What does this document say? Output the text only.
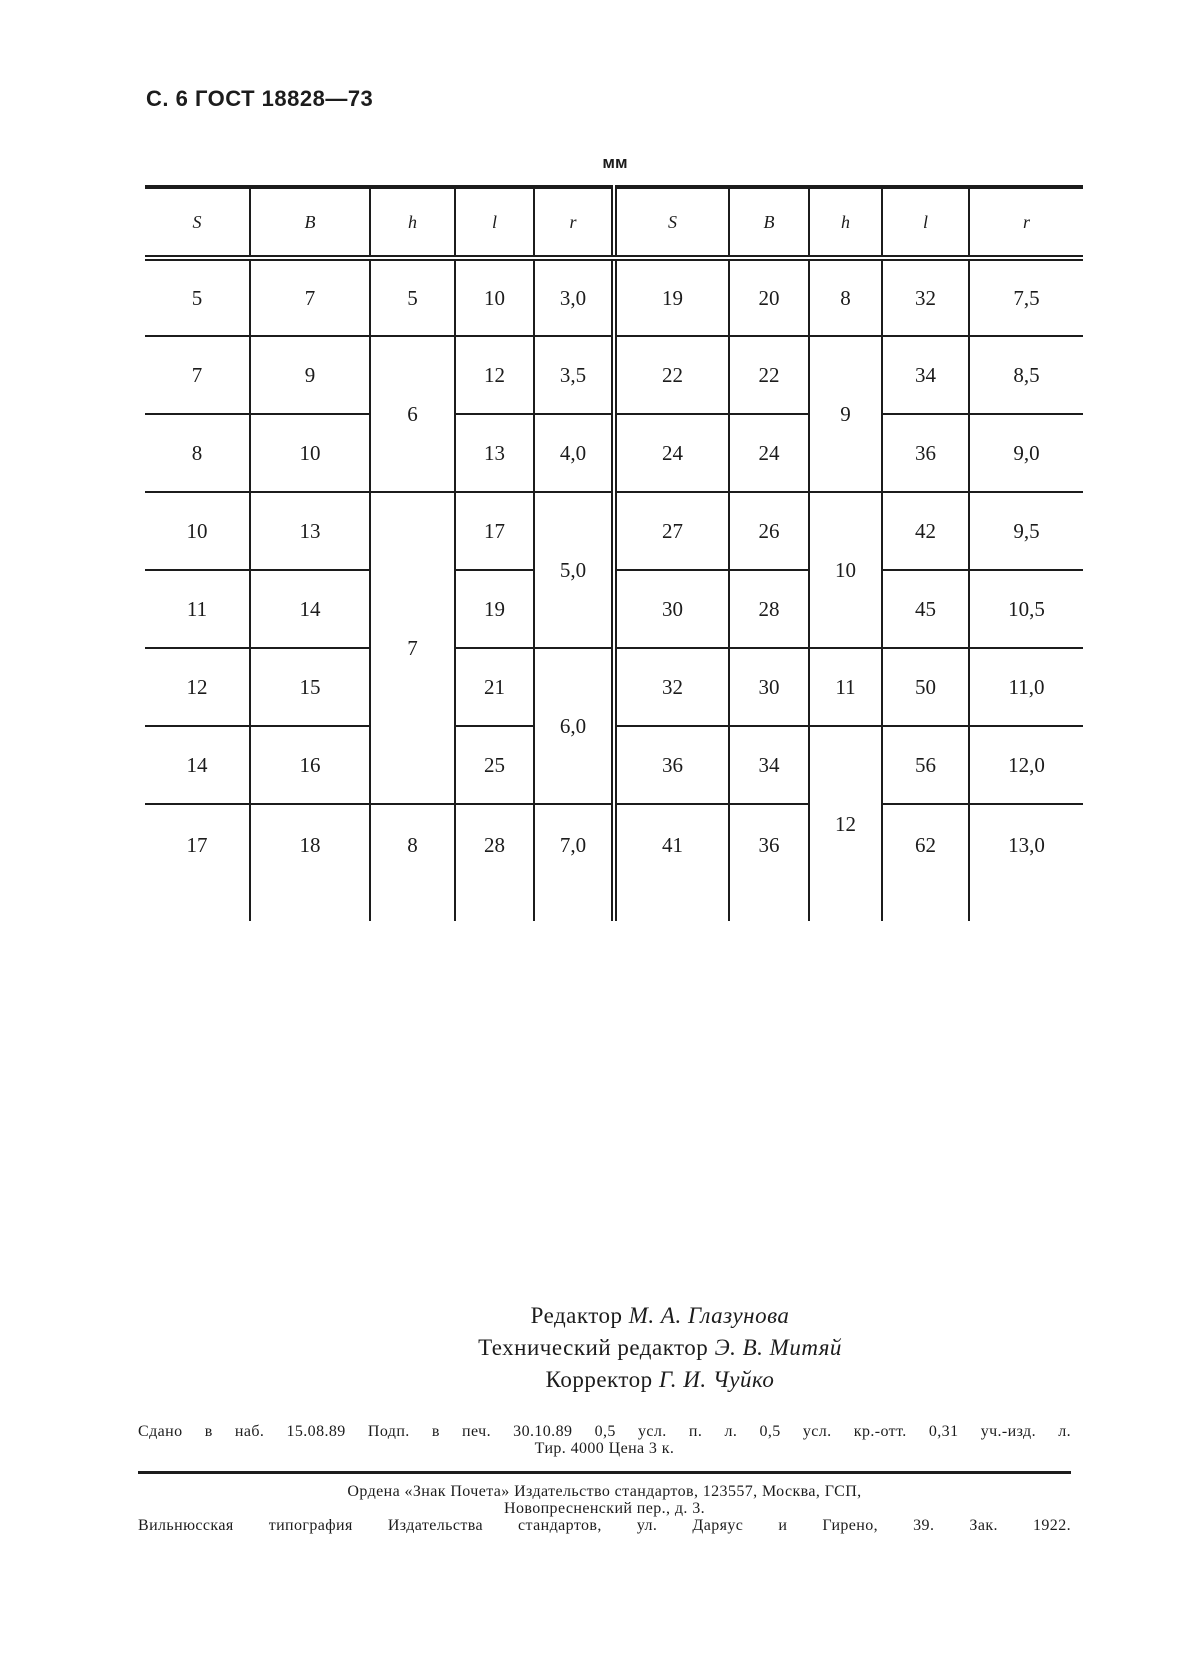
С. 6 ГОСТ 18828—73
мм
S	B	h	l	r	S	B	h	l	r
5	7	5	10	3,0	19	20	8	32	7,5
7	9	6	12	3,5	22	22	9	34	8,5
8	10		13	4,0	24	24		36	9,0
10	13	7	17	5,0	27	26	10	42	9,5
11	14		19		30	28		45	10,5
12	15		21	6,0	32	30	11	50	11,0
14	16		25		36	34	12	56	12,0
17	18	8	28	7,0	41	36		62	13,0
Редактор М. А. Глазунова
Технический редактор Э. В. Митяй
Корректор Г. И. Чуйко
Сдано в наб. 15.08.89 Подп. в печ. 30.10.89 0,5 усл. п. л. 0,5 усл. кр.-отт. 0,31 уч.-изд. л.
Тир. 4000 Цена 3 к.
Ордена «Знак Почета» Издательство стандартов, 123557, Москва, ГСП,
Новопресненский пер., д. 3.
Вильнюсская типография Издательства стандартов, ул. Даряус и Гирено, 39. Зак. 1922.
